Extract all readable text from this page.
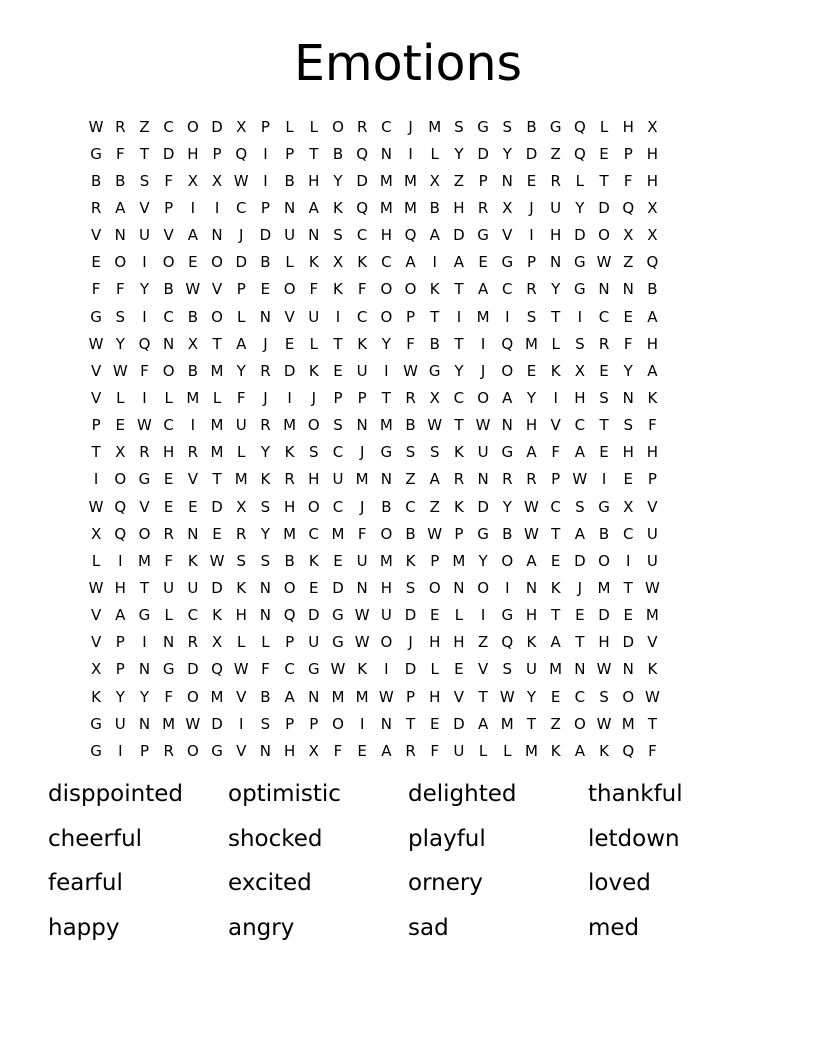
Emotions
W R Z C O D X P	L	L O R C	J	M S G S B G Q L H X
G F	T D H P Q	I	P	T B Q N	I	L	Y D Y D Z Q E P H
B B S	F X X W I	B H Y D M M X Z P N E R L	T	F H
R A V P	I	I	C P N A K Q M M B H R X	J	U Y D Q X
V N U V A N	J	D U N S C H Q A D G V	I	H D O X X
E O	I	O E O D B L	K X K C A	I	A E G P N G W Z Q
F	F	Y B W V P E O F K F O O K T A C R Y G N N B
G S	I	C B O L N V U	I	C O P	T	I	M	I	S T	I	C E A
W Y Q N X T A	J	E	L	T K Y	F B T	I	Q M L	S R F H
V W F O B M Y R D K E U	I W G Y	J	O E K X E Y A
V L	I	L M L	F	J	I	J	P	P	T R X C O A Y	I	H S N K
P E W C	I	M U R M O S N M B W T W N H V C T S	F
T X R H R M L	Y K S C	J	G S S K U G A F A E H H
I	O G E V T M K R H U M N Z A R N R R P W I	E P
W Q V E E D X S H O C	J	B C Z K D Y W C S G X V
X Q O R N E R Y M C M F O B W P G B W T A B C U
L	I	M F K W S S B K E U M K P M Y O A E D O	I	U
W H T U U D K N O E D N H S O N O	I	N K	J	M T W
V A G L C K H N Q D G W U D E	L	I	G H T E D E M
V P	I	N R X L	L	P U G W O	J	H H Z Q K A T H D V
X P N G D Q W F C G W K	I	D L	E V S U M N W N K
K Y	Y	F O M V B A N M M W P H V T W Y E C S O W
G U N M W D	I	S P	P O	I	N T E D A M T Z O W M T
G	I	P R O G V N H X F	E A R F U L	L M K A K Q F
disppointed	optimistic	delighted	thankful
cheerful	shocked	playful	letdown
fearful	excited	ornery	loved
happy	angry	sad	med
